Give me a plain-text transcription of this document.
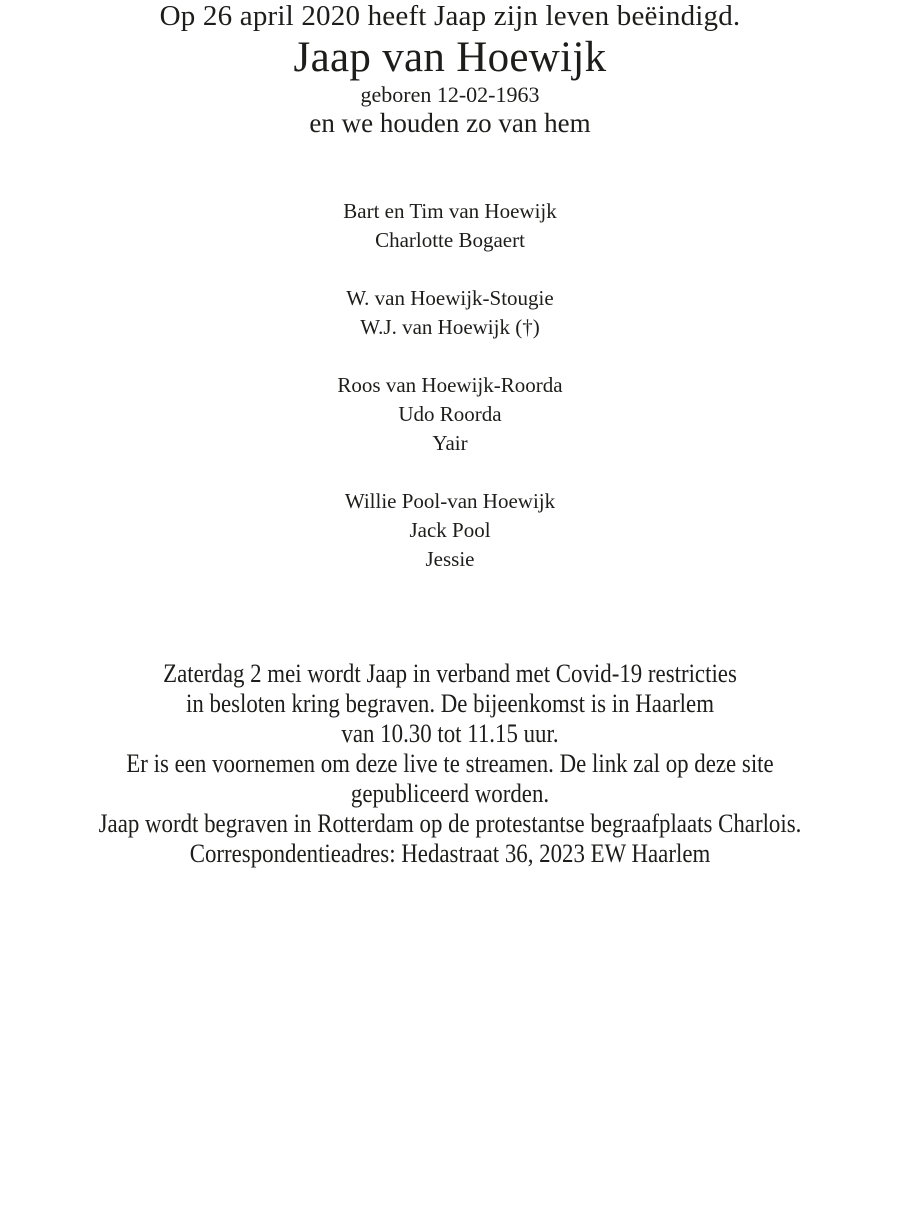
Op 26 april 2020 heeft Jaap zijn leven beëindigd.

Jaap van Hoewijk

geboren 12-02-1963

en we houden zo van hem

Bart en Tim van Hoewijk

Charlotte Bogaert

W. van Hoewijk-Stougie

W.J. van Hoewijk (†)

Roos van Hoewijk-Roorda

Udo Roorda

Yair

Willie Pool-van Hoewijk

Jack Pool

Jessie

Zaterdag 2 mei wordt Jaap in verband met Covid-19 restricties

in besloten kring begraven. De bijeenkomst is in Haarlem

van 10.30 tot 11.15 uur.

Er is een voornemen om deze live te streamen. De link zal op deze site

gepubliceerd worden.

Jaap wordt begraven in Rotterdam op de protestantse begraafplaats Charlois.

Correspondentieadres: Hedastraat 36, 2023 EW Haarlem
